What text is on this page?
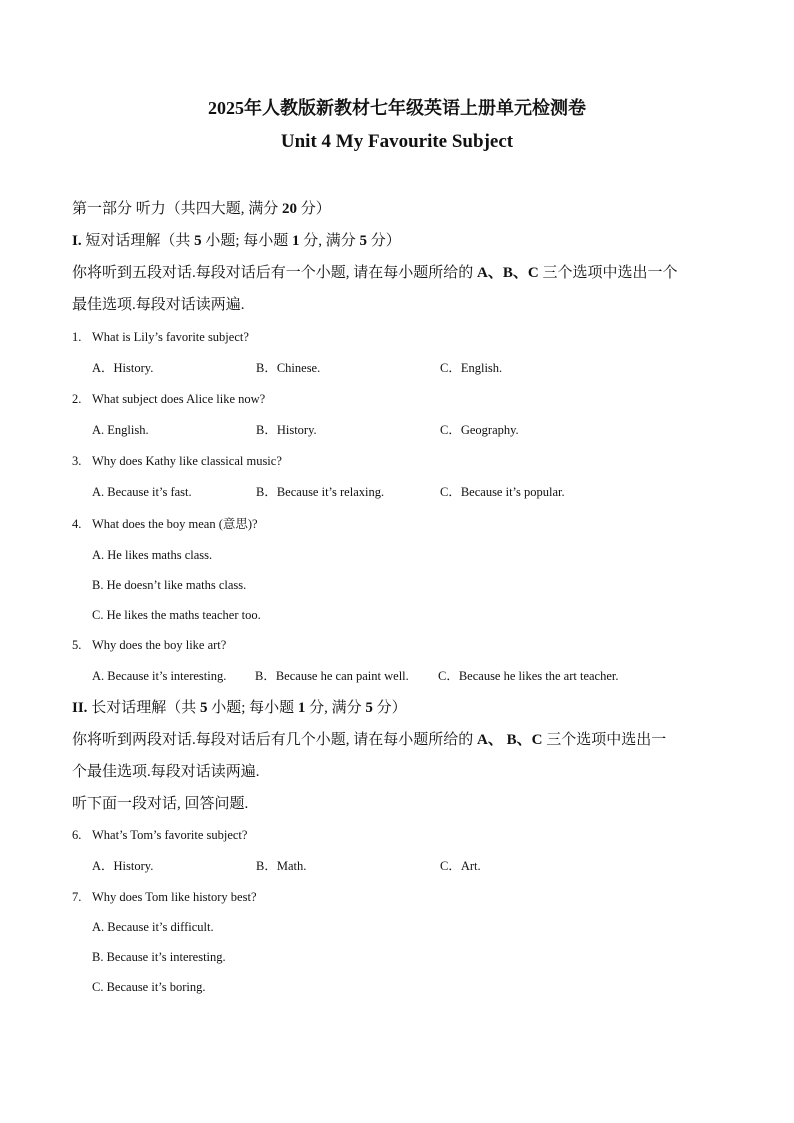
2025年人教版新教材七年级英语上册单元检测卷
Unit 4 My Favourite Subject
第一部分 听力（共四大题, 满分 20 分）
I. 短对话理解（共 5 小题; 每小题 1 分, 满分 5 分）
你将听到五段对话.每段对话后有一个小题, 请在每小题所给的 A、B、C 三个选项中选出一个
最佳选项.每段对话读两遍.
1. What is Lily’s favorite subject?
A．History.	B．Chinese.	C．English.
2. What subject does Alice like now?
A. English.	B．History.	C．Geography.
3. Why does Kathy like classical music?
A. Because it’s fast.	B．Because it’s relaxing.	C．Because it’s popular.
4. What does the boy mean (意思)?
A. He likes maths class.
B. He doesn’t like maths class.
C. He likes the maths teacher too.
5. Why does the boy like art?
A. Because it’s interesting. B．Because he can paint well. C．Because he likes the art teacher.
II. 长对话理解（共 5 小题; 每小题 1 分, 满分 5 分）
你将听到两段对话.每段对话后有几个小题, 请在每小题所给的 A、 B、C 三个选项中选出一
个最佳选项.每段对话读两遍.
听下面一段对话, 回答问题.
6. What’s Tom’s favorite subject?
A．History.	B．Math.	C．Art.
7. Why does Tom like history best?
A. Because it’s difficult.
B. Because it’s interesting.
C. Because it’s boring.
